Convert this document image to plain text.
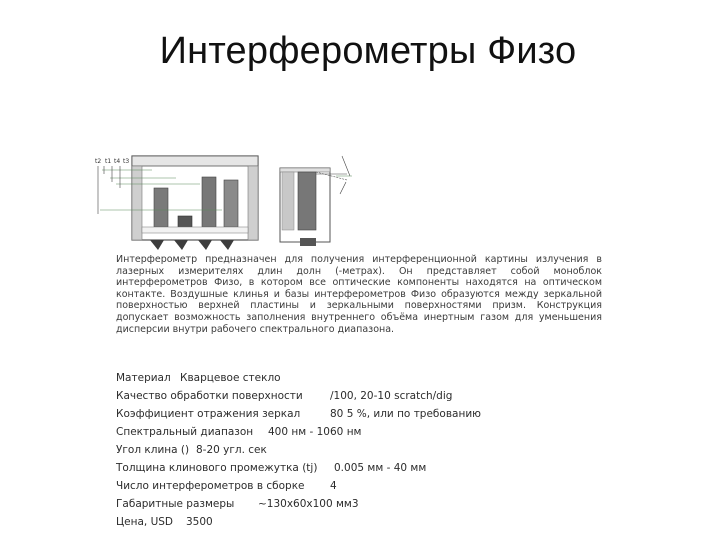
Интерферометры Физо
t2 t1 t4 t3
Интерферометр предназначен для получения интерференционной картины излучения в лазерных измерителях длин долн (-метрах). Он представляет собой моноблок интерферометров Физо, в котором все оптические компоненты находятся на оптическом контакте. Воздушные клинья и базы интерферометров Физо образуются между зеркальной поверхностью верхней пластины и зеркальными поверхностями призм. Конструкция допускает возможность заполнения внутреннего объёма инертным газом для уменьшения дисперсии внутри рабочего спектрального диапазона.
Материал Кварцевое стекло
Качество обработки поверхности	/100, 20-10 scratch/dig
Коэффициент отражения зеркал	80 5 %, или по требованию
Спектральный диапазон 400 нм - 1060 нм
Угол клина () 8-20 угл. сек
Толщина клинового промежутка (tj) 0.005 мм - 40 мм
Число интерферометров в сборке 4
Габаритные размеры ~130х60х100 мм3
Цена, USD 3500
